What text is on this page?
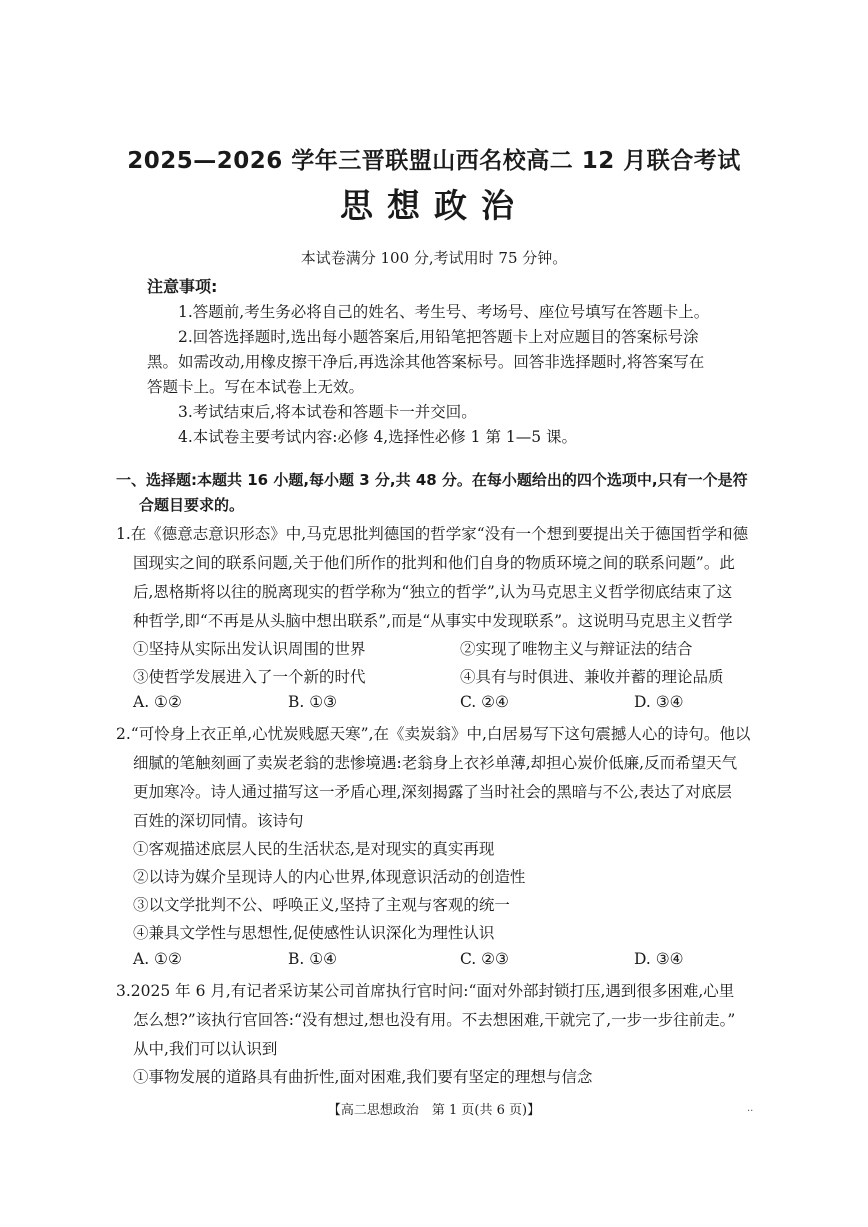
2025—2026 学年三晋联盟山西名校高二 12 月联合考试
思想政治
本试卷满分 100 分,考试用时 75 分钟。
注意事项:
1.答题前,考生务必将自己的姓名、考生号、考场号、座位号填写在答题卡上。
2.回答选择题时,选出每小题答案后,用铅笔把答题卡上对应题目的答案标号涂
黑。如需改动,用橡皮擦干净后,再选涂其他答案标号。回答非选择题时,将答案写在
答题卡上。写在本试卷上无效。
3.考试结束后,将本试卷和答题卡一并交回。
4.本试卷主要考试内容:必修 4,选择性必修 1 第 1—5 课。
一、选择题:本题共 16 小题,每小题 3 分,共 48 分。在每小题给出的四个选项中,只有一个是符
合题目要求的。
1.在《德意志意识形态》中,马克思批判德国的哲学家“没有一个想到要提出关于德国哲学和德
国现实之间的联系问题,关于他们所作的批判和他们自身的物质环境之间的联系问题”。此
后,恩格斯将以往的脱离现实的哲学称为“独立的哲学”,认为马克思主义哲学彻底结束了这
种哲学,即“不再是从头脑中想出联系”,而是“从事实中发现联系”。这说明马克思主义哲学
①坚持从实际出发认识周围的世界	②实现了唯物主义与辩证法的结合
③使哲学发展进入了一个新的时代	④具有与时俱进、兼收并蓄的理论品质
A. ①②	B. ①③	C. ②④	D. ③④
2.“可怜身上衣正单,心忧炭贱愿天寒”,在《卖炭翁》中,白居易写下这句震撼人心的诗句。他以
细腻的笔触刻画了卖炭老翁的悲惨境遇:老翁身上衣衫单薄,却担心炭价低廉,反而希望天气
更加寒冷。诗人通过描写这一矛盾心理,深刻揭露了当时社会的黑暗与不公,表达了对底层
百姓的深切同情。该诗句
①客观描述底层人民的生活状态,是对现实的真实再现
②以诗为媒介呈现诗人的内心世界,体现意识活动的创造性
③以文学批判不公、呼唤正义,坚持了主观与客观的统一
④兼具文学性与思想性,促使感性认识深化为理性认识
A. ①②	B. ①④	C. ②③	D. ③④
3.2025 年 6 月,有记者采访某公司首席执行官时问:“面对外部封锁打压,遇到很多困难,心里
怎么想?”该执行官回答:“没有想过,想也没有用。不去想困难,干就完了,一步一步往前走。”
从中,我们可以认识到
①事物发展的道路具有曲折性,面对困难,我们要有坚定的理想与信念
【高二思想政治　第 1 页(共 6 页)】	··
